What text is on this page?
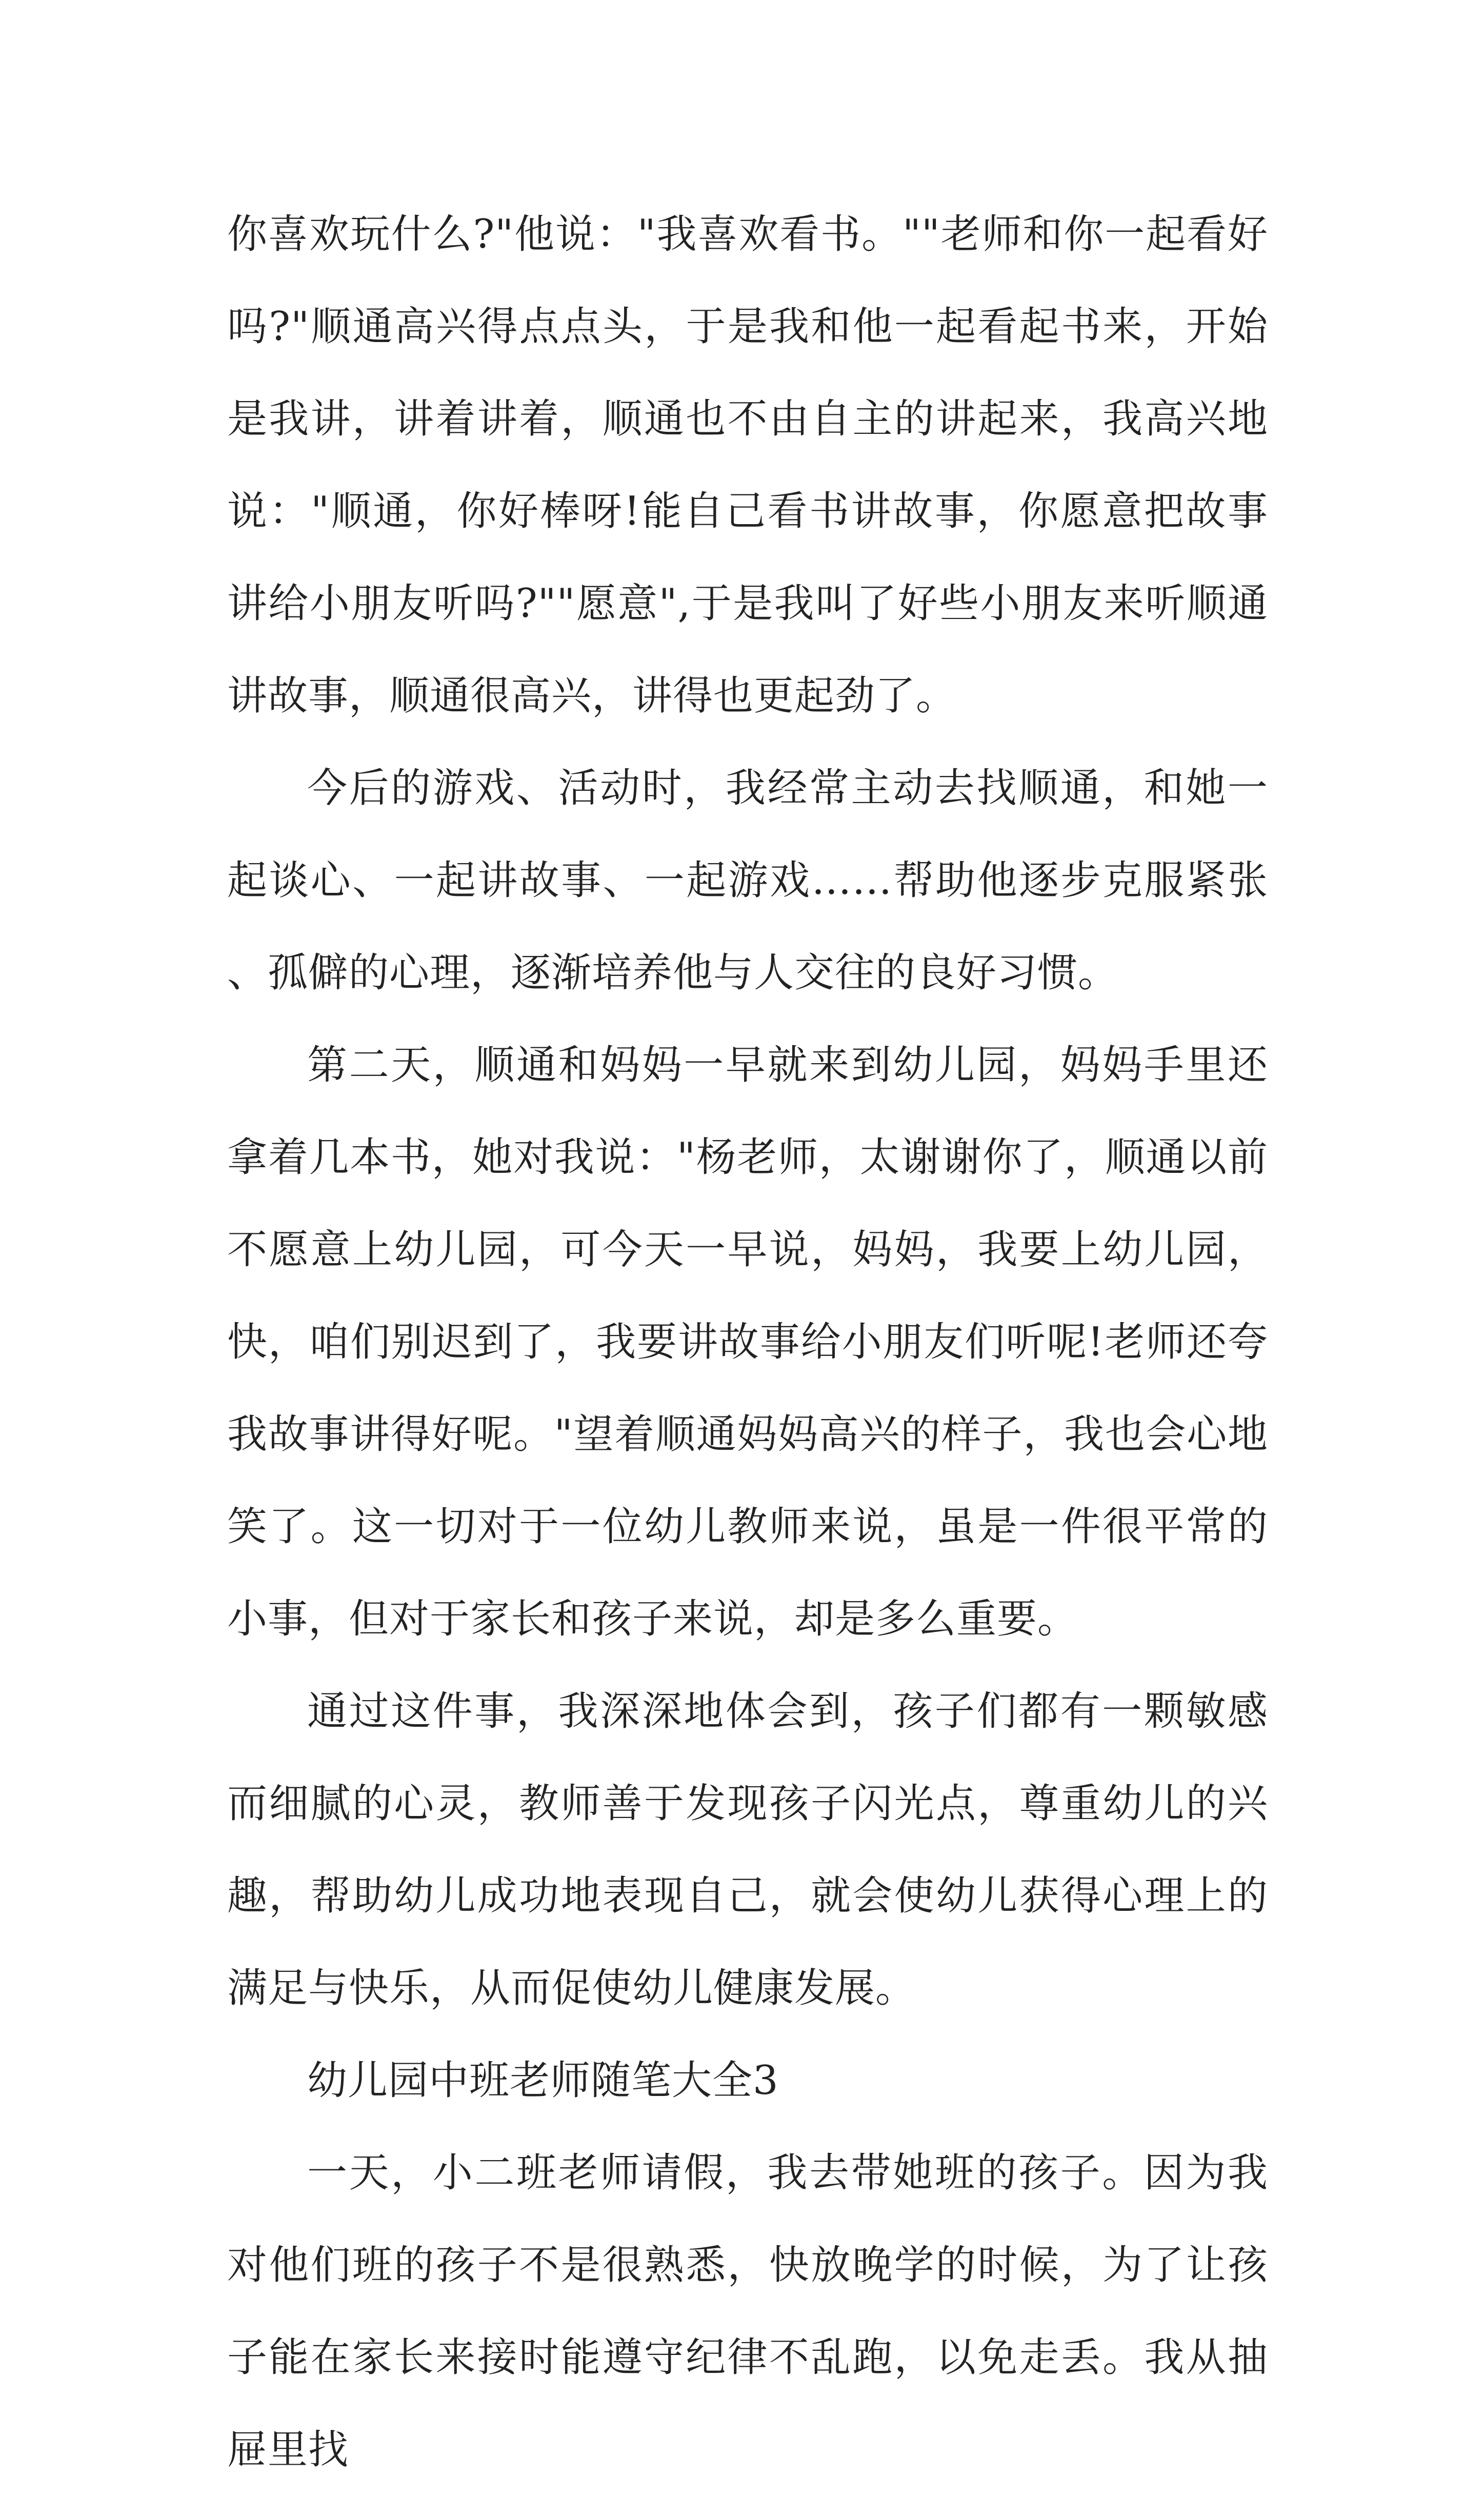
你喜欢玩什么?"他说："我喜欢看书。""老师和你一起看好吗?"顺通高兴得点点头，于是我和他一起看起书来，开始是我讲，讲着讲着，顺通也不由自主的讲起来，我高兴地说："顺通，你好棒呀!能自己看书讲故事，你愿意把故事讲给小朋友听吗?""愿意",于是我叫了好些小朋友来听顺通讲故事，顺通很高兴，讲得也更起劲了。

今后的游戏、活动时，我经常主动去找顺通，和她一起谈心、一起讲故事、一起游戏……帮助他逐步克服紧张、孤僻的心理，逐渐培养他与人交往的良好习惯。

第二天，顺通和妈妈一早就来到幼儿园，妈妈手里还拿着几本书，她对我说："杨老师，太谢谢你了，顺通以前不愿意上幼儿园，可今天一早说，妈妈，我要上幼儿园，快，咱们别迟到了，我要讲故事给小朋友们听呢!老师还夸我故事讲得好呢。"望着顺通妈妈高兴的样子，我也会心地笑了。这一切对于一位幼儿教师来说，虽是一件很平常的小事，但对于家长和孩子来说，却是多么重要。

通过这件事，我深深地体会到，孩子们都有一颗敏感而细腻的心灵，教师善于发现孩子闪光点，尊重幼儿的兴趣，帮助幼儿成功地表现自己，就会使幼儿获得心理上的满足与快乐，从而促使幼儿健康发展。

幼儿园中班老师随笔大全3

一天，小二班老师请假，我去带她班的孩子。因为我对他们班的孩子不是很熟悉，快放晚学的时候，为了让孩子能在家长来接时能遵守纪律不乱跑，以免走丢。我从抽屉里找
